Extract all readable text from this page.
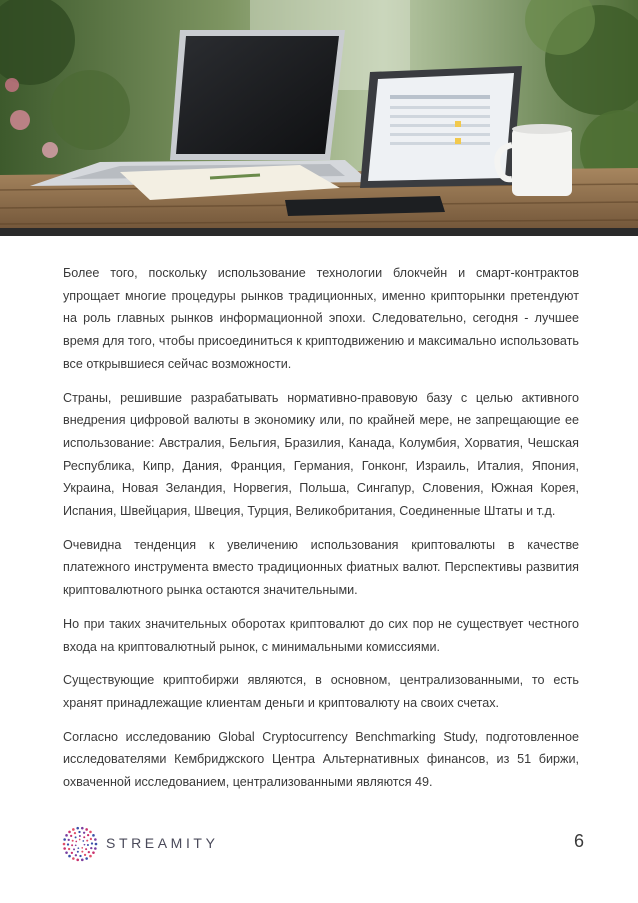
Более того, поскольку использование технологии блокчейн и смарт-контрактов упрощает многие процедуры рынков традиционных, именно крипторынки претендуют на роль главных рынков информационной эпохи. Следовательно, сегодня - лучшее время для того, чтобы присоединиться к криптодвижению и максимально использовать все открывшиеся сейчас возможности.

Страны, решившие разрабатывать нормативно-правовую базу с целью активного внедрения цифровой валюты в экономику или, по крайней мере, не запрещающие ее использование: Австралия, Бельгия, Бразилия, Канада, Колумбия, Хорватия, Чешская Республика, Кипр, Дания, Франция, Германия, Гонконг, Израиль, Италия, Япония, Украина, Новая Зеландия, Норвегия, Польша, Сингапур, Словения, Южная Корея, Испания, Швейцария, Швеция, Турция, Великобритания, Соединенные Штаты и т.д.

Очевидна тенденция к увеличению использования криптовалюты в качестве платежного инструмента вместо традиционных фиатных валют. Перспективы развития криптовалютного рынка остаются значительными.

Но при таких значительных оборотах криптовалют до сих пор не существует честного входа на криптовалютный рынок, с минимальными комиссиями.

Существующие криптобиржи являются, в основном, централизованными, то есть хранят принадлежащие клиентам деньги и криптовалюту на своих счетах.

Согласно исследованию Global Cryptocurrency Benchmarking Study, подготовленное исследователями Кембриджского Центра Альтернативных финансов, из 51 биржи, охваченной исследованием, централизованными являются 49.

STREAMITY	6
